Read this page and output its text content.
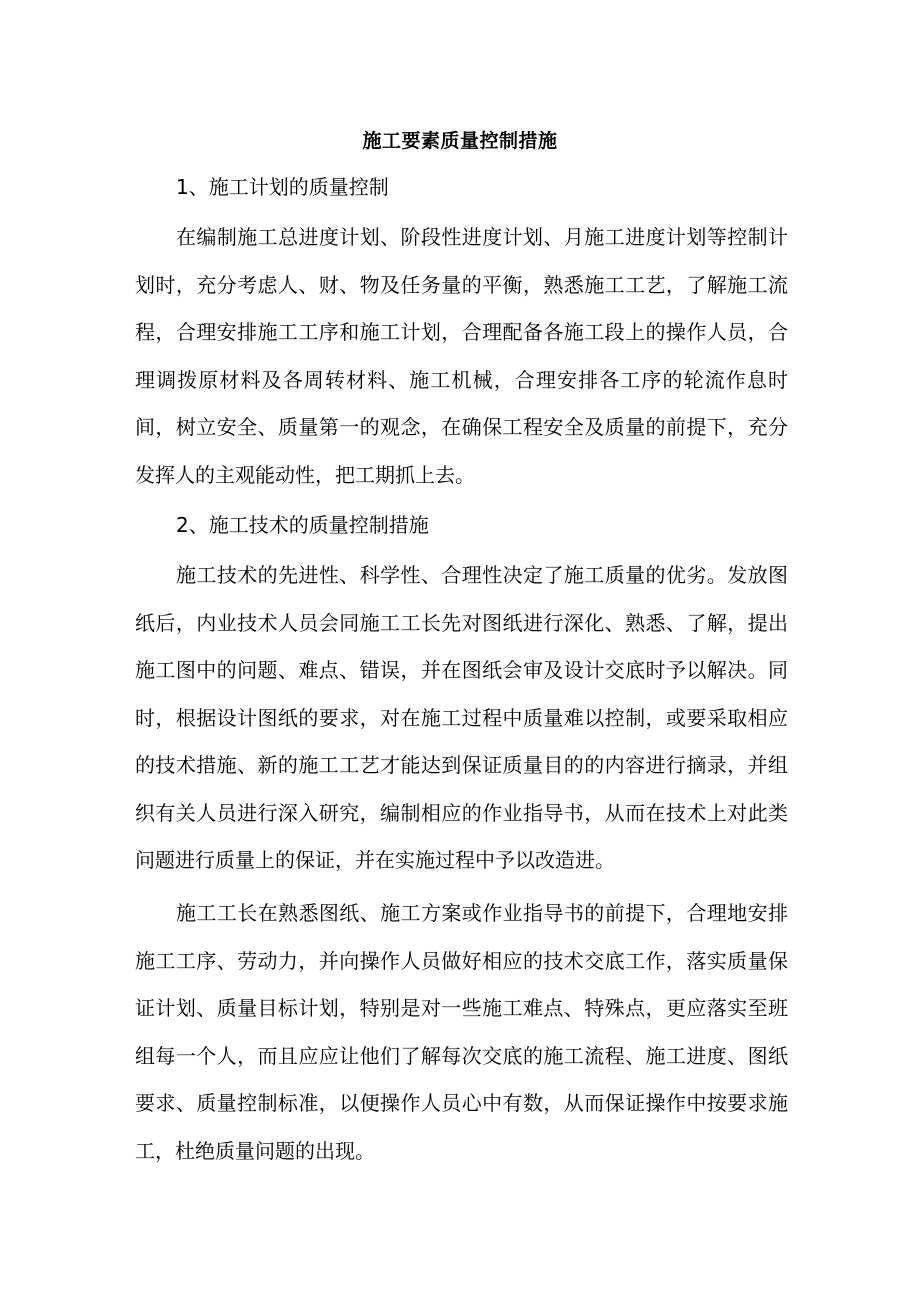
施工要素质量控制措施
1、施工计划的质量控制
在编制施工总进度计划、阶段性进度计划、月施工进度计划等控制计划时，充分考虑人、财、物及任务量的平衡，熟悉施工工艺，了解施工流程，合理安排施工工序和施工计划，合理配备各施工段上的操作人员，合理调拨原材料及各周转材料、施工机械，合理安排各工序的轮流作息时间，树立安全、质量第一的观念，在确保工程安全及质量的前提下，充分发挥人的主观能动性，把工期抓上去。
2、施工技术的质量控制措施
施工技术的先进性、科学性、合理性决定了施工质量的优劣。发放图纸后，内业技术人员会同施工工长先对图纸进行深化、熟悉、了解，提出施工图中的问题、难点、错误，并在图纸会审及设计交底时予以解决。同时，根据设计图纸的要求，对在施工过程中质量难以控制，或要采取相应的技术措施、新的施工工艺才能达到保证质量目的的内容进行摘录，并组织有关人员进行深入研究，编制相应的作业指导书，从而在技术上对此类问题进行质量上的保证，并在实施过程中予以改造进。
施工工长在熟悉图纸、施工方案或作业指导书的前提下，合理地安排施工工序、劳动力，并向操作人员做好相应的技术交底工作，落实质量保证计划、质量目标计划，特别是对一些施工难点、特殊点，更应落实至班组每一个人，而且应应让他们了解每次交底的施工流程、施工进度、图纸要求、质量控制标准，以便操作人员心中有数，从而保证操作中按要求施工，杜绝质量问题的出现。
